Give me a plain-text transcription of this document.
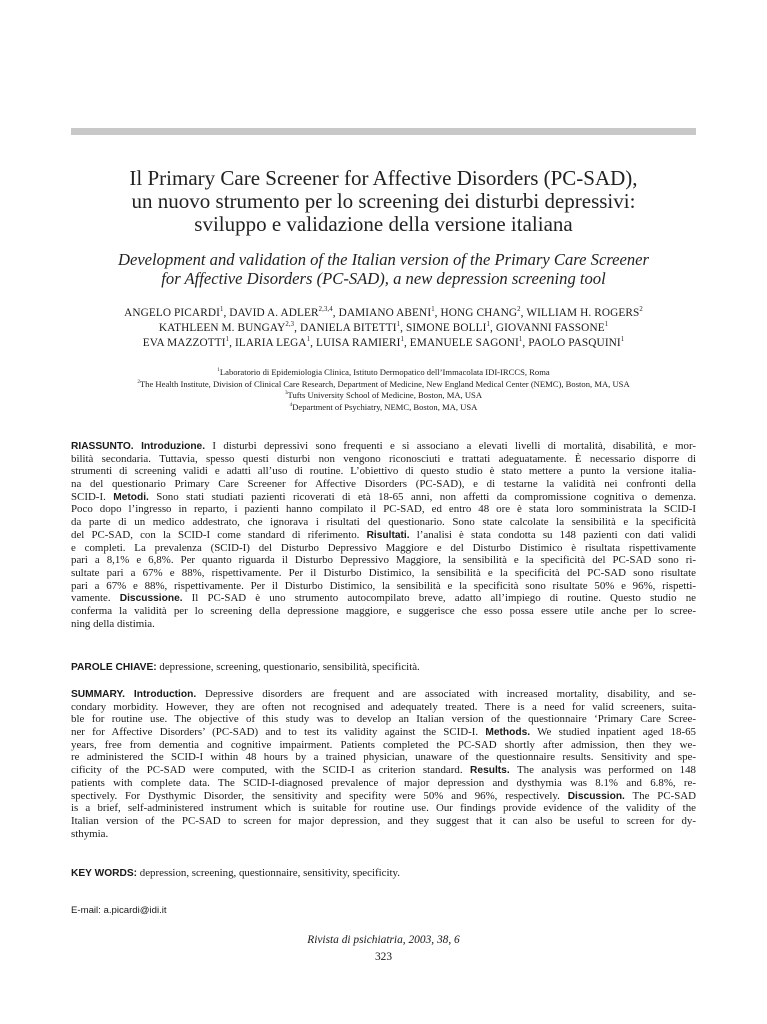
Il Primary Care Screener for Affective Disorders (PC-SAD),
un nuovo strumento per lo screening dei disturbi depressivi:
sviluppo e validazione della versione italiana
Development and validation of the Italian version of the Primary Care Screener
for Affective Disorders (PC-SAD), a new depression screening tool
ANGELO PICARDI$^1$, DAVID A. ADLER$^{2,3,4}$, DAMIANO ABENI$^1$, HONG CHANG$^2$, WILLIAM H. ROGERS$^2$
KATHLEEN M. BUNGAY$^{2,3}$, DANIELA BITETTI$^1$, SIMONE BOLLI$^1$, GIOVANNI FASSONE$^1$
EVA MAZZOTTI$^1$, ILARIA LEGA$^1$, LUISA RAMIERI$^1$, EMANUELE SAGONI$^1$, PAOLO PASQUINI$^1$
$^1$Laboratorio di Epidemiologia Clinica, Istituto Dermopatico dell’Immacolata IDI-IRCCS, Roma
$^2$The Health Institute, Division of Clinical Care Research, Department of Medicine, New England Medical Center (NEMC), Boston, MA, USA
$^3$Tufts University School of Medicine, Boston, MA, USA
$^4$Department of Psychiatry, NEMC, Boston, MA, USA
RIASSUNTO. Introduzione. I disturbi depressivi sono frequenti e si associano a elevati livelli di mortalità, disabilità, e mor-
bilità secondaria. Tuttavia, spesso questi disturbi non vengono riconosciuti e trattati adeguatamente. È necessario disporre di
strumenti di screening validi e adatti all’uso di routine. L’obiettivo di questo studio è stato mettere a punto la versione italia-
na del questionario Primary Care Screener for Affective Disorders (PC-SAD), e di testarne la validità nei confronti della
SCID-I. Metodi. Sono stati studiati pazienti ricoverati di età 18-65 anni, non affetti da compromissione cognitiva o demenza.
Poco dopo l’ingresso in reparto, i pazienti hanno compilato il PC-SAD, ed entro 48 ore è stata loro somministrata la SCID-I
da parte di un medico addestrato, che ignorava i risultati del questionario. Sono state calcolate la sensibilità e la specificità
del PC-SAD, con la SCID-I come standard di riferimento. Risultati. l’analisi è stata condotta su 148 pazienti con dati validi
e completi. La prevalenza (SCID-I) del Disturbo Depressivo Maggiore e del Disturbo Distimico è risultata rispettivamente
pari a 8,1% e 6,8%. Per quanto riguarda il Disturbo Depressivo Maggiore, la sensibilità e la specificità del PC-SAD sono ri-
sultate pari a 67% e 88%, rispettivamente. Per il Disturbo Distimico, la sensibilità e la specificità del PC-SAD sono risultate
pari a 67% e 88%, rispettivamente. Per il Disturbo Distimico, la sensibilità e la specificità sono risultate 50% e 96%, rispetti-
vamente. Discussione. Il PC-SAD è uno strumento autocompilato breve, adatto all’impiego di routine. Questo studio ne
conferma la validità per lo screening della depressione maggiore, e suggerisce che esso possa essere utile anche per lo scree-
ning della distimia.
PAROLE CHIAVE: depressione, screening, questionario, sensibilità, specificità.
SUMMARY. Introduction. Depressive disorders are frequent and are associated with increased mortality, disability, and se-
condary morbidity. However, they are often not recognised and adequately treated. There is a need for valid screeners, suita-
ble for routine use. The objective of this study was to develop an Italian version of the questionnaire ‘Primary Care Scree-
ner for Affective Disorders’ (PC-SAD) and to test its validity against the SCID-I. Methods. We studied inpatient aged 18-65
years, free from dementia and cognitive impairment. Patients completed the PC-SAD shortly after admission, then they we-
re administered the SCID-I within 48 hours by a trained physician, unaware of the questionnaire results. Sensitivity and spe-
cificity of the PC-SAD were computed, with the SCID-I as criterion standard. Results. The analysis was performed on 148
patients with complete data. The SCID-I-diagnosed prevalence of major depression and dysthymia was 8.1% and 6.8%, re-
spectively. For Dysthymic Disorder, the sensitivity and specifity were 50% and 96%, respectively. Discussion. The PC-SAD
is a brief, self-administered instrument which is suitable for routine use. Our findings provide evidence of the validity of the
Italian version of the PC-SAD to screen for major depression, and they suggest that it can also be useful to screen for dy-
sthymia.
KEY WORDS: depression, screening, questionnaire, sensitivity, specificity.
E-mail: a.picardi@idi.it
Rivista di psichiatria, 2003, 38, 6
323
